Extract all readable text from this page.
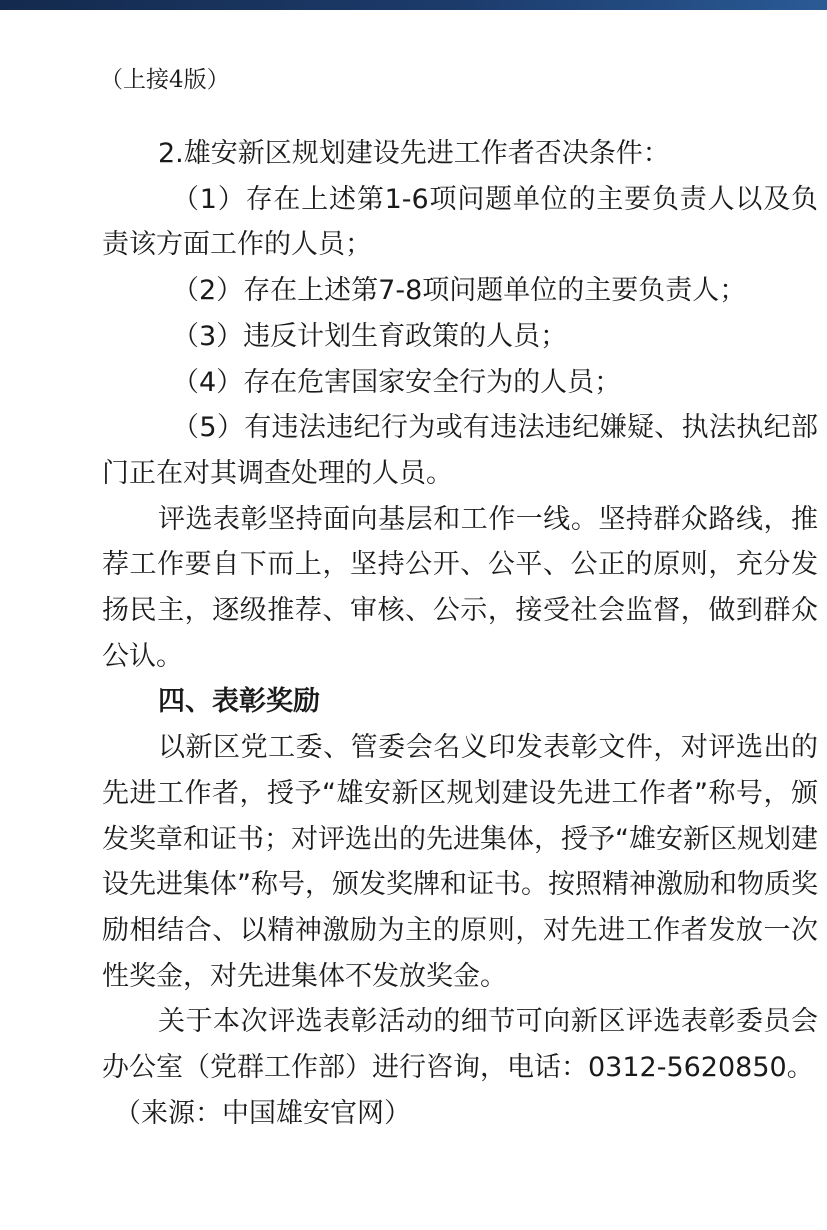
（上接4版）

2.雄安新区规划建设先进工作者否决条件：

（1）存在上述第1-6项问题单位的主要负责人以及负责该方面工作的人员；

（2）存在上述第7-8项问题单位的主要负责人；

（3）违反计划生育政策的人员；

（4）存在危害国家安全行为的人员；

（5）有违法违纪行为或有违法违纪嫌疑、执法执纪部门正在对其调查处理的人员。

评选表彰坚持面向基层和工作一线。坚持群众路线，推荐工作要自下而上，坚持公开、公平、公正的原则，充分发扬民主，逐级推荐、审核、公示，接受社会监督，做到群众公认。

四、表彰奖励

以新区党工委、管委会名义印发表彰文件，对评选出的先进工作者，授予“雄安新区规划建设先进工作者”称号，颁发奖章和证书；对评选出的先进集体，授予“雄安新区规划建设先进集体”称号，颁发奖牌和证书。按照精神激励和物质奖励相结合、以精神激励为主的原则，对先进工作者发放一次性奖金，对先进集体不发放奖金。

关于本次评选表彰活动的细节可向新区评选表彰委员会办公室（党群工作部）进行咨询，电话：0312-5620850。

（来源：中国雄安官网）
